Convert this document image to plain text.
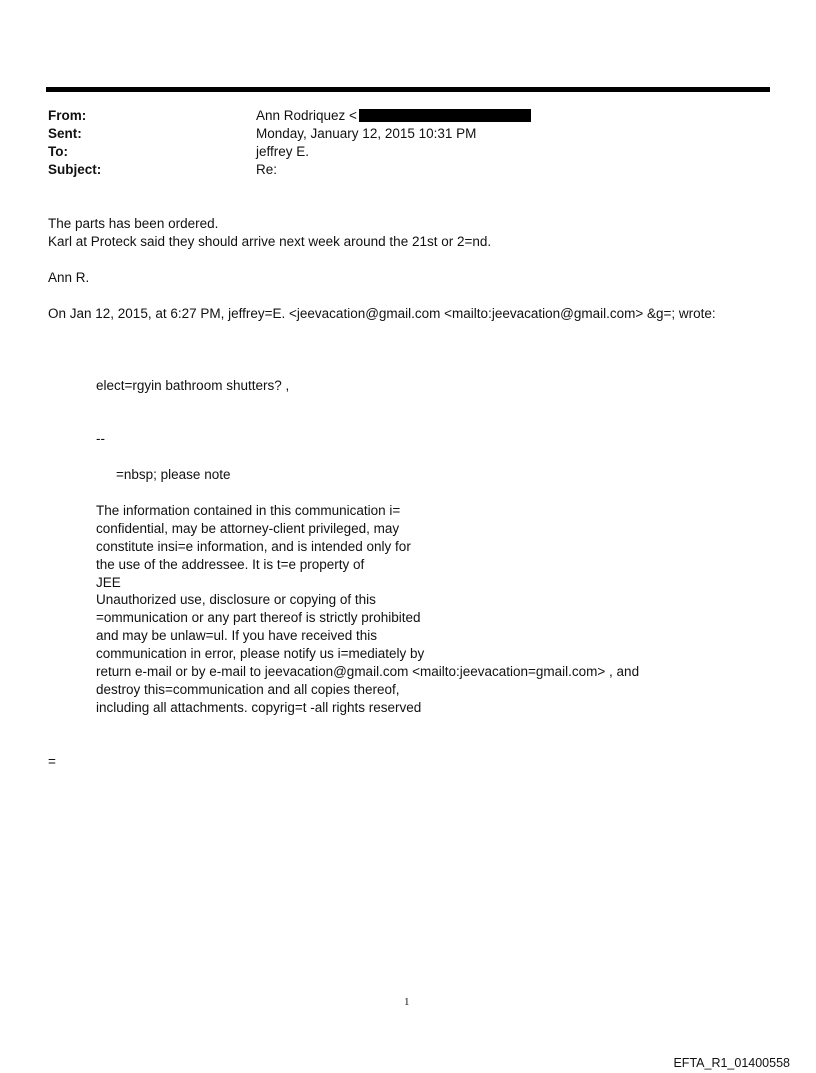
From:	Ann Rodriquez <
Sent:	Monday, January 12, 2015 10:31 PM
To:	jeffrey E.
Subject:	Re:
The parts has been ordered.
Karl at Proteck said they should arrive next week around the 21st or 2=nd.
Ann R.
On Jan 12, 2015, at 6:27 PM, jeffrey=E. <jeevacation@gmail.com <mailto:jeevacation@gmail.com> &g=; wrote:
elect=rgyin bathroom shutters? ,
--
=nbsp; please note
The information contained in this communication i=
confidential, may be attorney-client privileged, may
constitute insi=e information, and is intended only for
the use of the addressee. It is t=e property of
JEE
Unauthorized use, disclosure or copying of this
=ommunication or any part thereof is strictly prohibited
and may be unlaw=ul. If you have received this
communication in error, please notify us i=mediately by
return e-mail or by e-mail to jeevacation@gmail.com <mailto:jeevacation=gmail.com> , and
destroy this=communication and all copies thereof,
including all attachments. copyrig=t -all rights reserved
=
1
EFTA_R1_01400558
